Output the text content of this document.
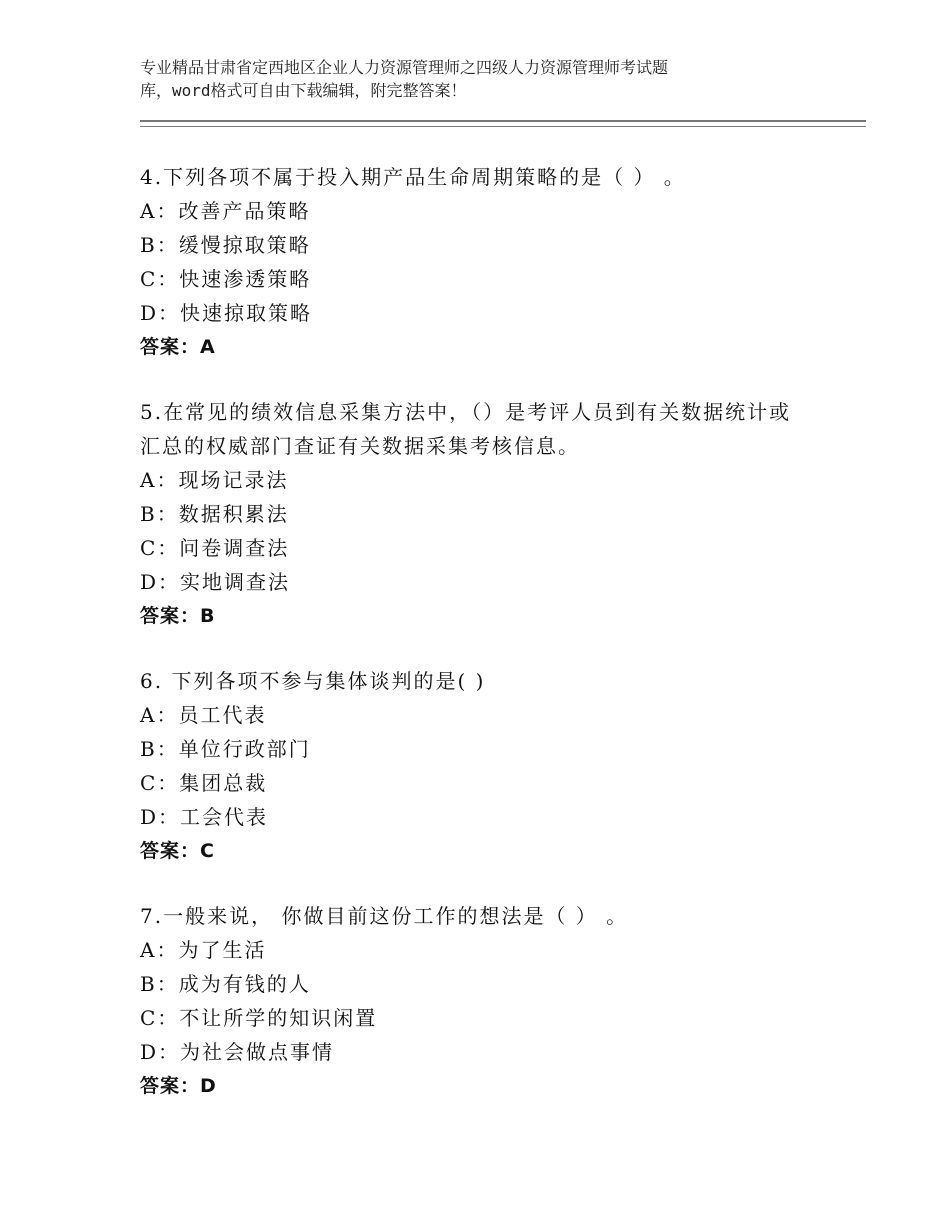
专业精品甘肃省定西地区企业人力资源管理师之四级人力资源管理师考试题
库，word格式可自由下载编辑，附完整答案！
4.下列各项不属于投入期产品生命周期策略的是（ ） 。
A：改善产品策略
B：缓慢掠取策略
C：快速渗透策略
D：快速掠取策略
答案：A
5.在常见的绩效信息采集方法中，（）是考评人员到有关数据统计或
汇总的权威部门查证有关数据采集考核信息。
A：现场记录法
B：数据积累法
C：问卷调查法
D：实地调查法
答案：B
6. 下列各项不参与集体谈判的是( )
A：员工代表
B：单位行政部门
C：集团总裁
D：工会代表
答案：C
7.一般来说， 你做目前这份工作的想法是（ ） 。
A：为了生活
B：成为有钱的人
C：不让所学的知识闲置
D：为社会做点事情
答案：D
